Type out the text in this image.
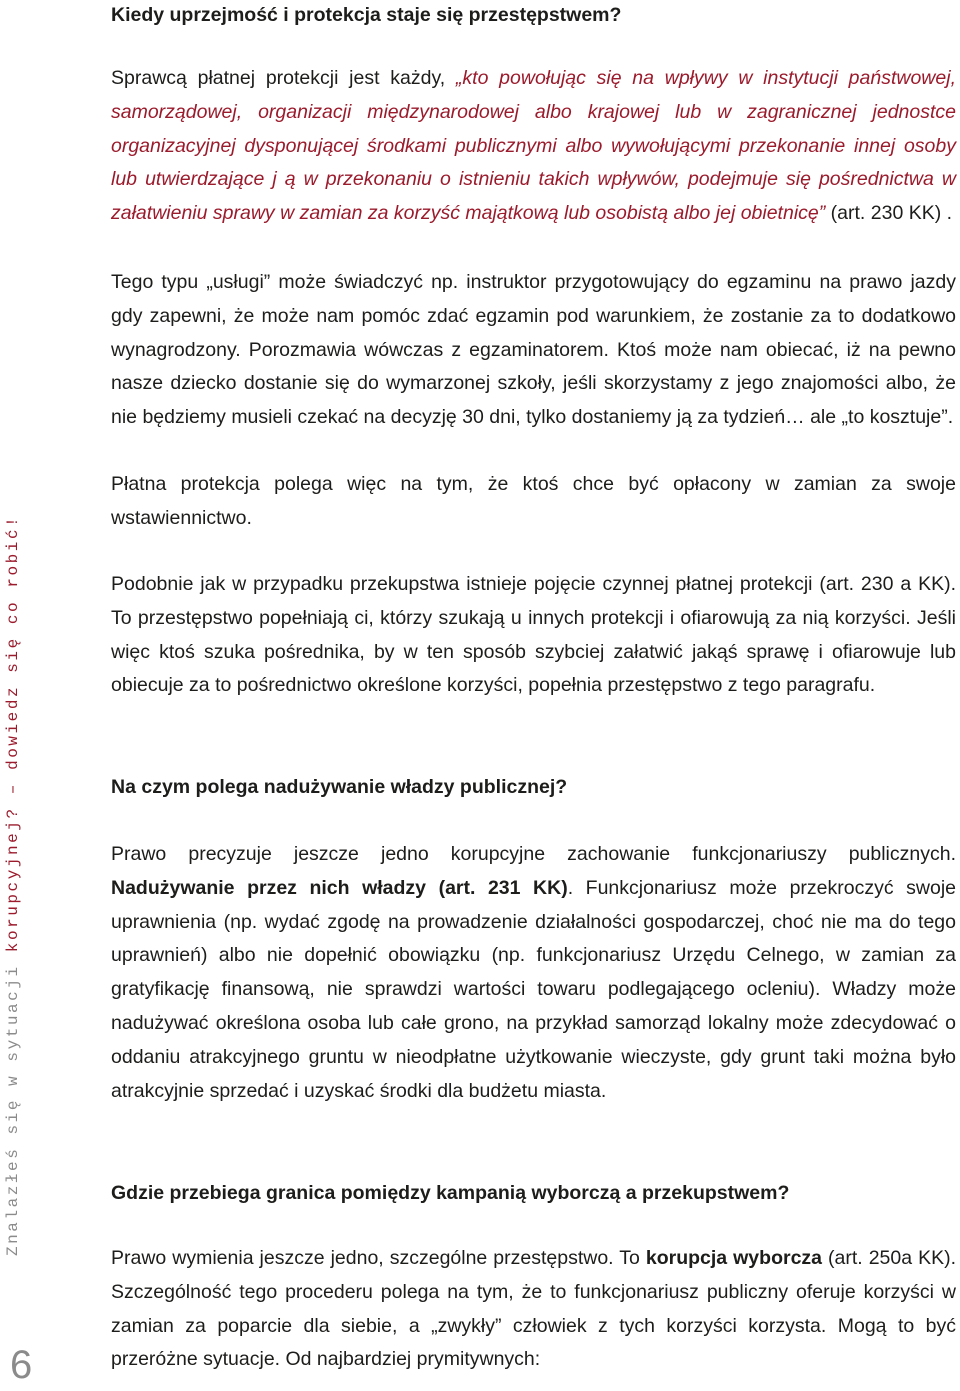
Znalazłeś się w sytuacji korupcyjnej? – dowiedz się co robić!
6
Kiedy uprzejmość i protekcja staje się przestępstwem?

Sprawcą płatnej protekcji jest każdy, „kto powołując się na wpływy w instytucji państwowej, samorządowej, organizacji międzynarodowej albo krajowej lub w zagranicznej jednostce organizacyjnej dysponującej środkami publicznymi albo wywołującymi przekonanie innej osoby lub utwierdzające j ą w przekonaniu o istnieniu takich wpływów, podejmuje się pośrednictwa w załatwieniu sprawy w zamian za korzyść majątkową lub osobistą albo jej obietnicę” (art. 230 KK) .

Tego typu „usługi” może świadczyć np. instruktor przygotowujący do egzaminu na prawo jazdy gdy zapewni, że może nam pomóc zdać egzamin pod warunkiem, że zostanie za to dodatkowo wynagrodzony. Porozmawia wówczas z egzaminatorem. Ktoś może nam obiecać, iż na pewno nasze dziecko dostanie się do wymarzonej szkoły, jeśli skorzystamy z jego znajomości albo, że nie będziemy musieli czekać na decyzję 30 dni, tylko dostaniemy ją za tydzień… ale „to kosztuje”.

Płatna protekcja polega więc na tym, że ktoś chce być opłacony w zamian za swoje wstawiennictwo.

Podobnie jak w przypadku przekupstwa istnieje pojęcie czynnej płatnej protekcji (art. 230 a KK). To przestępstwo popełniają ci, którzy szukają u innych protekcji i ofiarowują za nią korzyści. Jeśli więc ktoś szuka pośrednika, by w ten sposób szybciej załatwić jakąś sprawę i ofiarowuje lub obiecuje za to pośrednictwo określone korzyści, popełnia przestępstwo z tego paragrafu.

Na czym polega nadużywanie władzy publicznej?

Prawo precyzuje jeszcze jedno korupcyjne zachowanie funkcjonariuszy publicznych. Nadużywanie przez nich władzy (art. 231 KK). Funkcjonariusz może przekroczyć swoje uprawnienia (np. wydać zgodę na prowadzenie działalności gospodarczej, choć nie ma do tego uprawnień) albo nie dopełnić obowiązku (np. funkcjonariusz Urzędu Celnego, w zamian za gratyfikację finansową, nie sprawdzi wartości towaru podlegającego ocleniu). Władzy może nadużywać określona osoba lub całe grono, na przykład samorząd lokalny może zdecydować o oddaniu atrakcyjnego gruntu w nieodpłatne użytkowanie wieczyste, gdy grunt taki można było atrakcyjnie sprzedać i uzyskać środki dla budżetu miasta.

Gdzie przebiega granica pomiędzy kampanią wyborczą a przekupstwem?

Prawo wymienia jeszcze jedno, szczególne przestępstwo. To korupcja wyborcza (art. 250a KK). Szczególność tego procederu polega na tym, że to funkcjonariusz publiczny oferuje korzyści w zamian za poparcie dla siebie, a „zwykły” człowiek z tych korzyści korzysta. Mogą to być przeróżne sytuacje. Od najbardziej prymitywnych:
